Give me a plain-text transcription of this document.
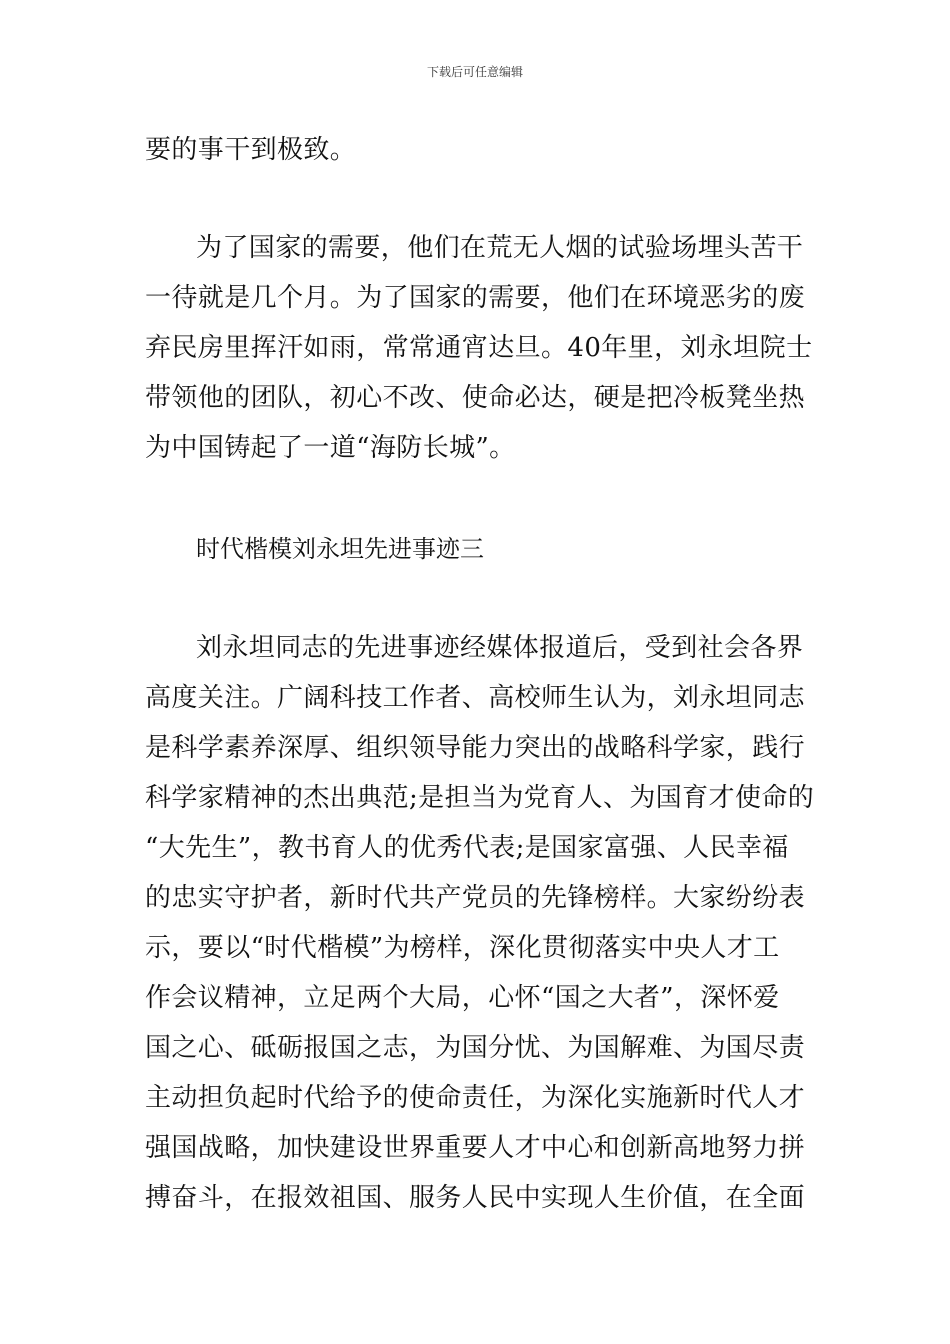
下载后可任意编辑
要的事干到极致。
为了国家的需要，他们在荒无人烟的试验场埋头苦干
一待就是几个月。为了国家的需要，他们在环境恶劣的废
弃民房里挥汗如雨，常常通宵达旦。40年里，刘永坦院士
带领他的团队，初心不改、使命必达，硬是把冷板凳坐热
为中国铸起了一道“海防长城”。
时代楷模刘永坦先进事迹三
刘永坦同志的先进事迹经媒体报道后，受到社会各界
高度关注。广阔科技工作者、高校师生认为，刘永坦同志
是科学素养深厚、组织领导能力突出的战略科学家，践行
科学家精神的杰出典范;是担当为党育人、为国育才使命的
“大先生”，教书育人的优秀代表;是国家富强、人民幸福
的忠实守护者，新时代共产党员的先锋榜样。大家纷纷表
示，要以“时代楷模”为榜样，深化贯彻落实中央人才工
作会议精神，立足两个大局，心怀“国之大者”，深怀爱
国之心、砥砺报国之志，为国分忧、为国解难、为国尽责
主动担负起时代给予的使命责任，为深化实施新时代人才
强国战略，加快建设世界重要人才中心和创新高地努力拼
搏奋斗，在报效祖国、服务人民中实现人生价值，在全面
